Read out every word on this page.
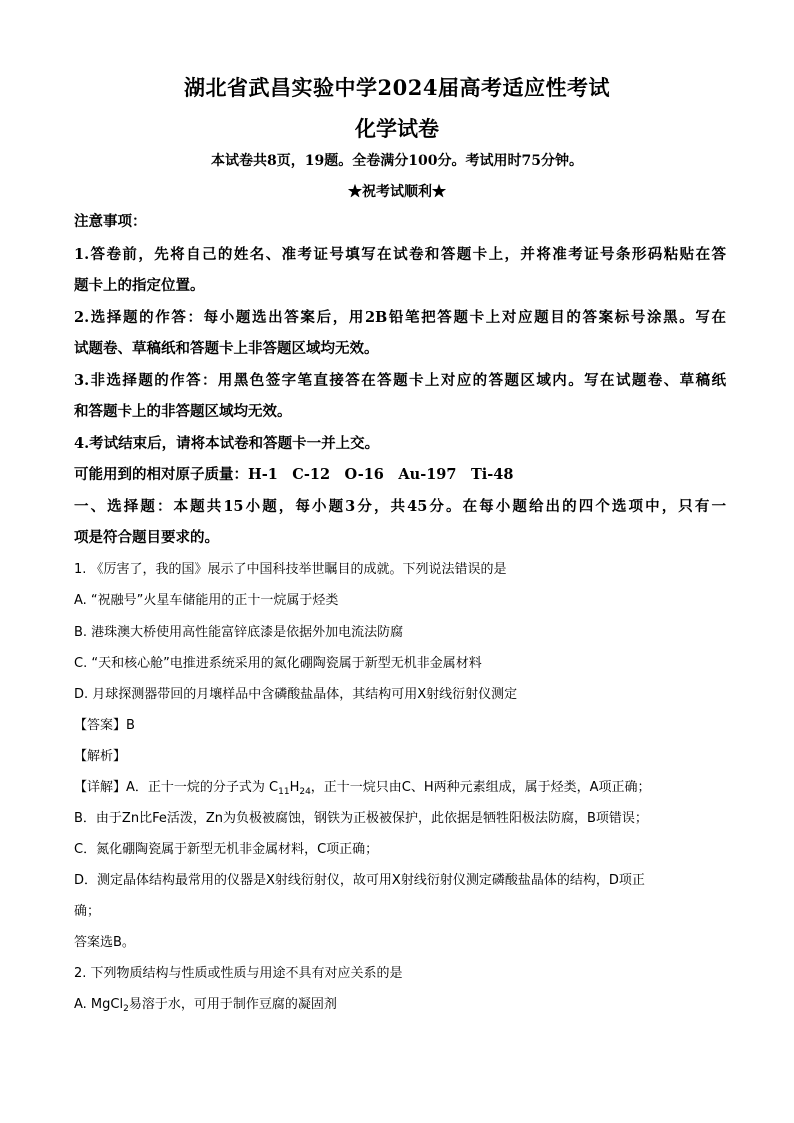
湖北省武昌实验中学2024届高考适应性考试
化学试卷
本试卷共8页，19题。全卷满分100分。考试用时75分钟。
★祝考试顺利★
注意事项：
1.答卷前，先将自己的姓名、准考证号填写在试卷和答题卡上，并将准考证号条形码粘贴在答
题卡上的指定位置。
2.选择题的作答：每小题选出答案后，用2B铅笔把答题卡上对应题目的答案标号涂黑。写在
试题卷、草稿纸和答题卡上非答题区域均无效。
3.非选择题的作答：用黑色签字笔直接答在答题卡上对应的答题区域内。写在试题卷、草稿纸
和答题卡上的非答题区域均无效。
4.考试结束后，请将本试卷和答题卡一并上交。
可能用到的相对原子质量：H-1　C-12　O-16　Au-197　Ti-48
一、选择题：本题共15小题，每小题3分，共45分。在每小题给出的四个选项中，只有一
项是符合题目要求的。
1. 《厉害了，我的国》展示了中国科技举世瞩目的成就。下列说法错误的是
A. “祝融号”火星车储能用的正十一烷属于烃类
B. 港珠澳大桥使用高性能富锌底漆是依据外加电流法防腐
C. “天和核心舱”电推进系统采用的氮化硼陶瓷属于新型无机非金属材料
D. 月球探测器带回的月壤样品中含磷酸盐晶体，其结构可用X射线衍射仪测定
【答案】B
【解析】
【详解】A．正十一烷的分子式为 $C_{11}H_{24}$，正十一烷只由C、H两种元素组成，属于烃类，A项正确；
B．由于Zn比Fe活泼，Zn为负极被腐蚀，钢铁为正极被保护，此依据是牺牲阳极法防腐，B项错误；
C．氮化硼陶瓷属于新型无机非金属材料，C项正确；
D．测定晶体结构最常用的仪器是X射线衍射仪，故可用X射线衍射仪测定磷酸盐晶体的结构，D项正
确；
答案选B。
2. 下列物质结构与性质或性质与用途不具有对应关系的是
A. MgCl$_2$易溶于水，可用于制作豆腐的凝固剂
